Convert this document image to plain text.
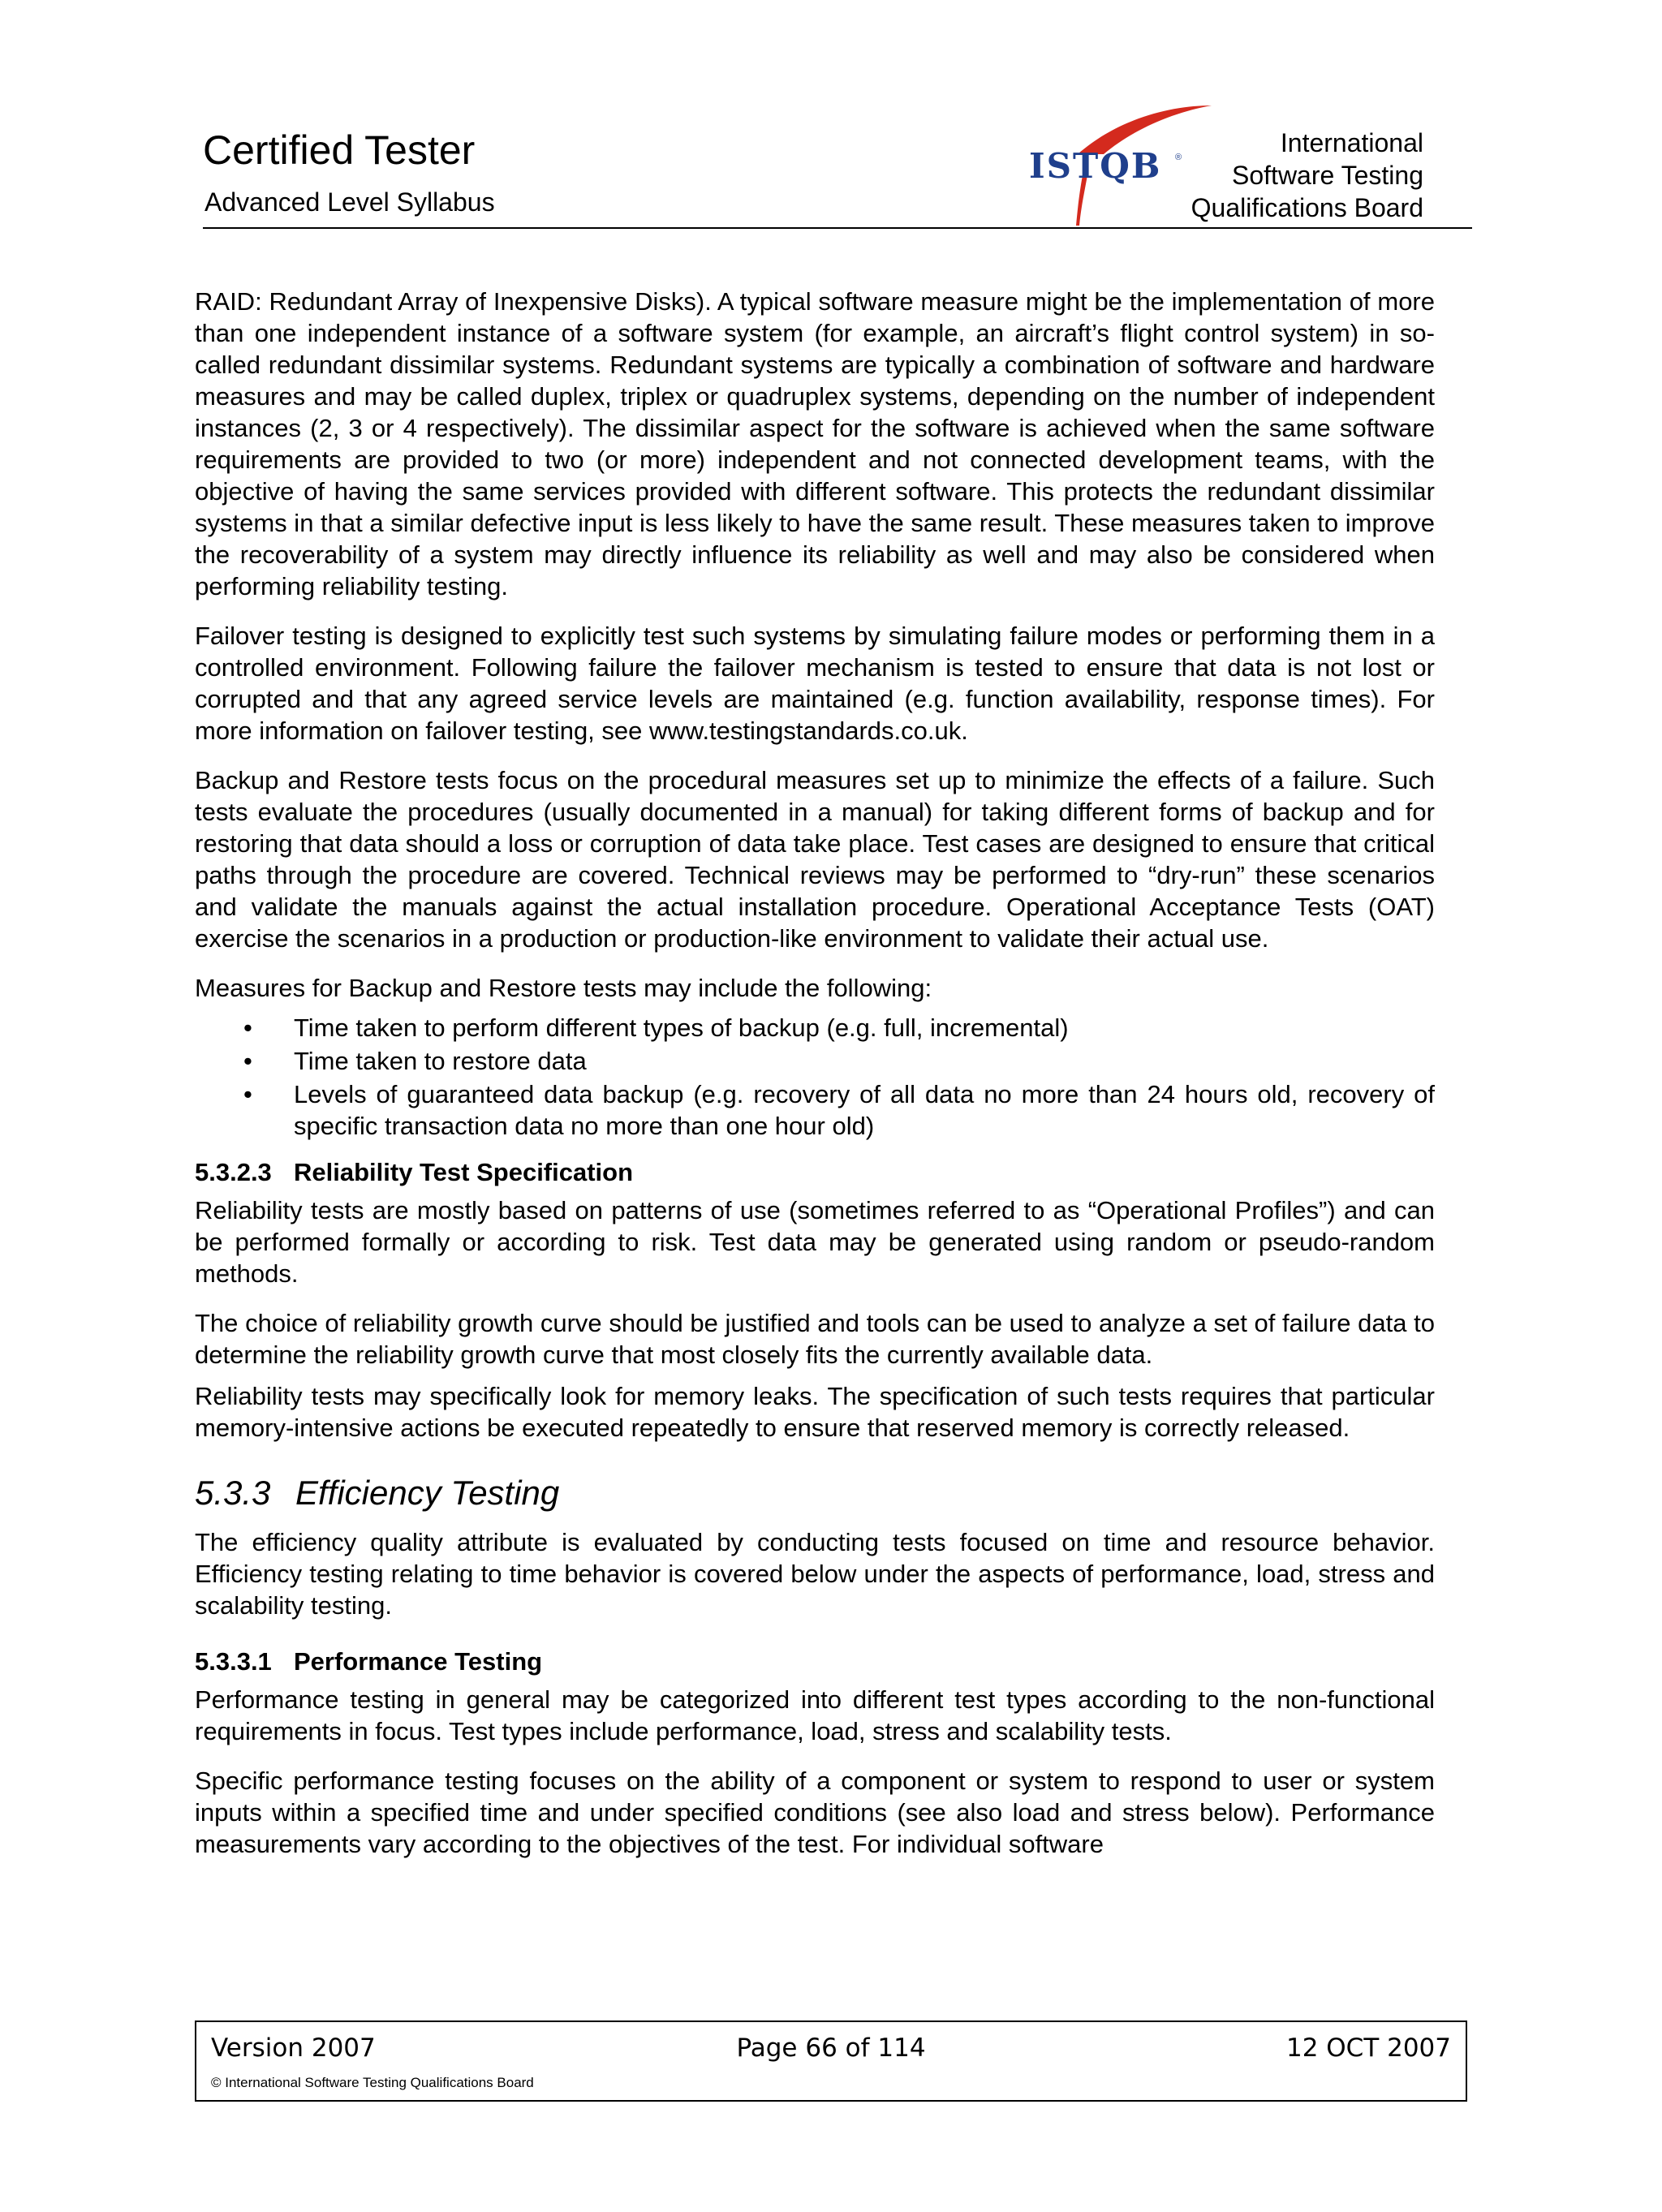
Certified Tester
Advanced Level Syllabus
ISTQB ®	International
Software Testing
Qualifications Board

RAID: Redundant Array of Inexpensive Disks). A typical software measure might be the implementation of more than one independent instance of a software system (for example, an aircraft’s flight control system) in so-called redundant dissimilar systems. Redundant systems are typically a combination of software and hardware measures and may be called duplex, triplex or quadruplex systems, depending on the number of independent instances (2, 3 or 4 respectively). The dissimilar aspect for the software is achieved when the same software requirements are provided to two (or more) independent and not connected development teams, with the objective of having the same services provided with different software. This protects the redundant dissimilar systems in that a similar defective input is less likely to have the same result. These measures taken to improve the recoverability of a system may directly influence its reliability as well and may also be considered when performing reliability testing.

Failover testing is designed to explicitly test such systems by simulating failure modes or performing them in a controlled environment. Following failure the failover mechanism is tested to ensure that data is not lost or corrupted and that any agreed service levels are maintained (e.g. function availability, response times). For more information on failover testing, see www.testingstandards.co.uk.

Backup and Restore tests focus on the procedural measures set up to minimize the effects of a failure. Such tests evaluate the procedures (usually documented in a manual) for taking different forms of backup and for restoring that data should a loss or corruption of data take place. Test cases are designed to ensure that critical paths through the procedure are covered. Technical reviews may be performed to “dry-run” these scenarios and validate the manuals against the actual installation procedure. Operational Acceptance Tests (OAT) exercise the scenarios in a production or production-like environment to validate their actual use.

Measures for Backup and Restore tests may include the following:

• Time taken to perform different types of backup (e.g. full, incremental)
• Time taken to restore data
• Levels of guaranteed data backup (e.g. recovery of all data no more than 24 hours old, recovery of specific transaction data no more than one hour old)
5.3.2.3 Reliability Test Specification

Reliability tests are mostly based on patterns of use (sometimes referred to as “Operational Profiles”) and can be performed formally or according to risk. Test data may be generated using random or pseudo-random methods.

The choice of reliability growth curve should be justified and tools can be used to analyze a set of failure data to determine the reliability growth curve that most closely fits the currently available data.

Reliability tests may specifically look for memory leaks. The specification of such tests requires that particular memory-intensive actions be executed repeatedly to ensure that reserved memory is correctly released.

5.3.3 Efficiency Testing

The efficiency quality attribute is evaluated by conducting tests focused on time and resource behavior. Efficiency testing relating to time behavior is covered below under the aspects of performance, load, stress and scalability testing.

5.3.3.1 Performance Testing

Performance testing in general may be categorized into different test types according to the non-functional requirements in focus. Test types include performance, load, stress and scalability tests.

Specific performance testing focuses on the ability of a component or system to respond to user or system inputs within a specified time and under specified conditions (see also load and stress below). Performance measurements vary according to the objectives of the test. For individual software

Version 2007	Page 66 of 114	12 OCT 2007
© International Software Testing Qualifications Board
